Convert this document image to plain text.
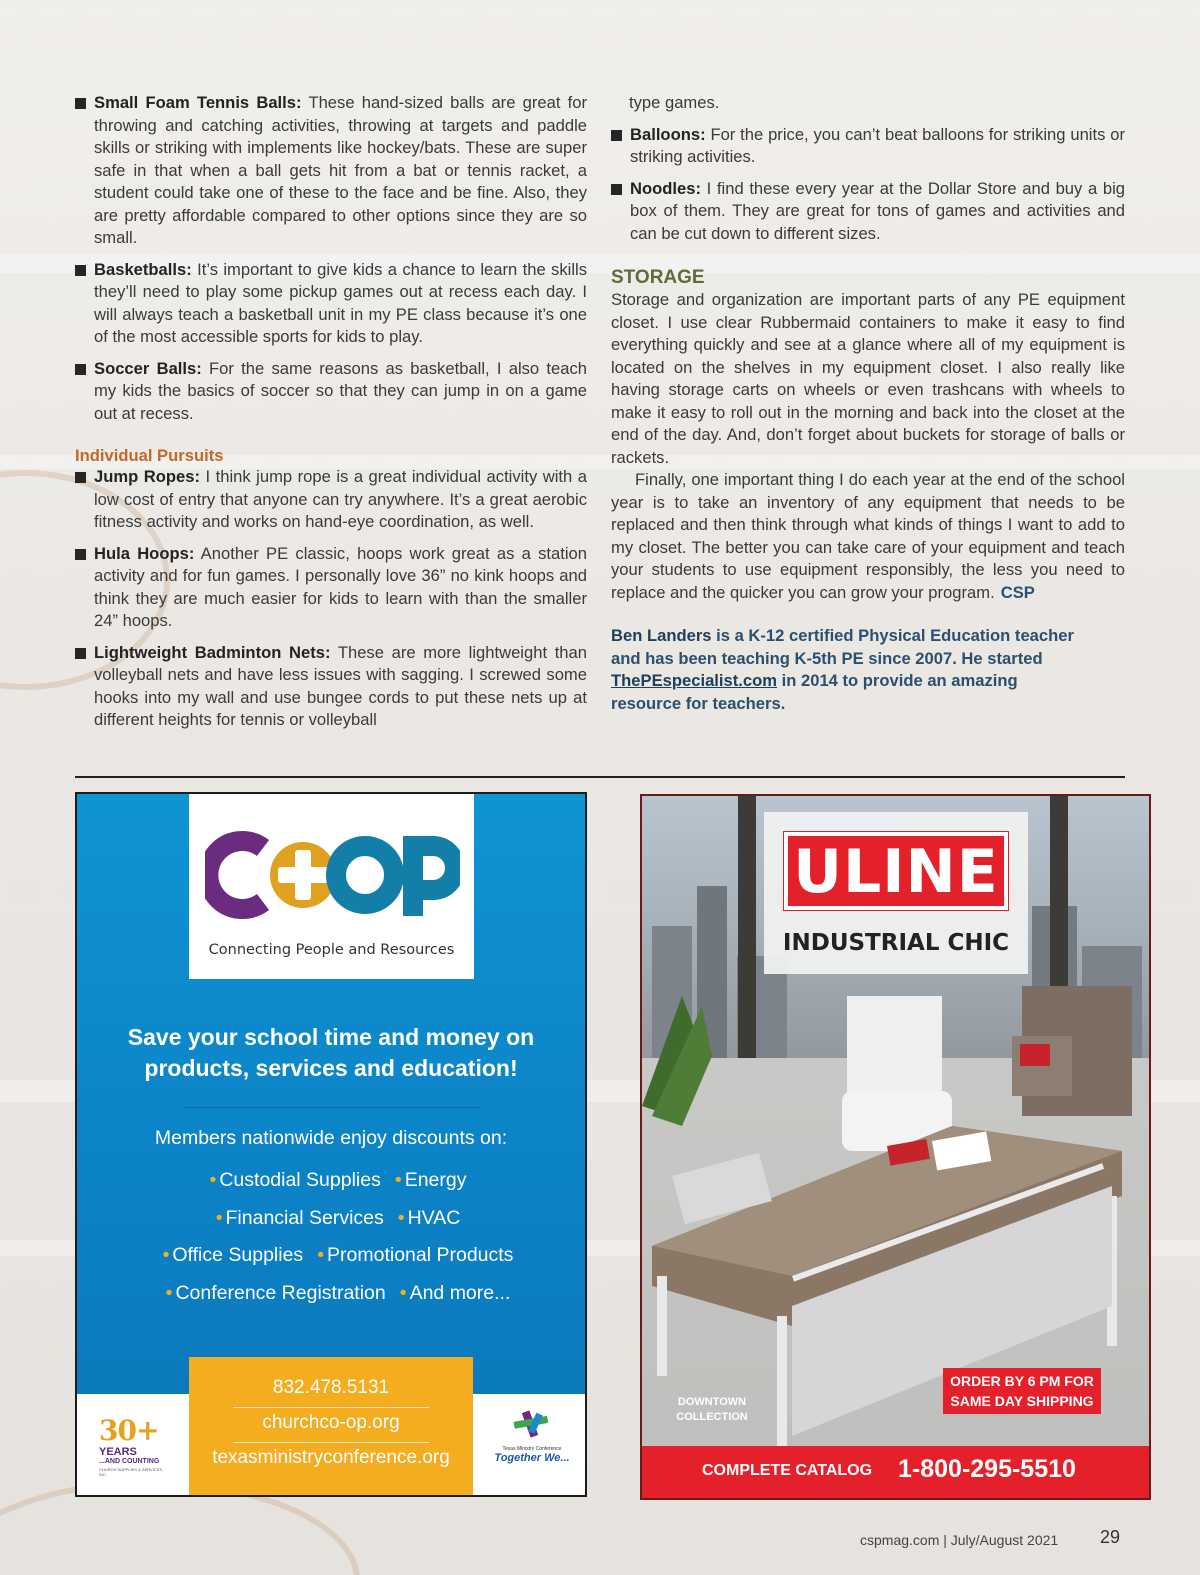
Small Foam Tennis Balls: These hand-sized balls are great for throwing and catching activities, throwing at targets and paddle skills or striking with implements like hockey/bats. These are super safe in that when a ball gets hit from a bat or tennis racket, a student could take one of these to the face and be fine. Also, they are pretty affordable compared to other options since they are so small.
Basketballs: It’s important to give kids a chance to learn the skills they’ll need to play some pickup games out at recess each day. I will always teach a basketball unit in my PE class because it’s one of the most accessible sports for kids to play.
Soccer Balls: For the same reasons as basketball, I also teach my kids the basics of soccer so that they can jump in on a game out at recess.
Individual Pursuits
Jump Ropes: I think jump rope is a great individual activity with a low cost of entry that anyone can try anywhere. It’s a great aerobic fitness activity and works on hand-eye coordination, as well.
Hula Hoops: Another PE classic, hoops work great as a station activity and for fun games. I personally love 36” no kink hoops and think they are much easier for kids to learn with than the smaller 24” hoops.
Lightweight Badminton Nets: These are more lightweight than volleyball nets and have less issues with sagging. I screwed some hooks into my wall and use bungee cords to put these nets up at different heights for tennis or volleyball
type games.
Balloons: For the price, you can’t beat balloons for striking units or striking activities.
Noodles: I find these every year at the Dollar Store and buy a big box of them. They are great for tons of games and activities and can be cut down to different sizes.
STORAGE
Storage and organization are important parts of any PE equipment closet. I use clear Rubbermaid containers to make it easy to find everything quickly and see at a glance where all of my equipment is located on the shelves in my equipment closet. I also really like having storage carts on wheels or even trashcans with wheels to make it easy to roll out in the morning and back into the closet at the end of the day. And, don’t forget about buckets for storage of balls or rackets.
Finally, one important thing I do each year at the end of the school year is to take an inventory of any equipment that needs to be replaced and then think through what kinds of things I want to add to my closet. The better you can take care of your equipment and teach your students to use equipment responsibly, the less you need to replace and the quicker you can grow your program. CSP
Ben Landers is a K-12 certified Physical Education teacher and has been teaching K-5th PE since 2007. He started ThePEspecialist.com in 2014 to provide an amazing resource for teachers.
Connecting People and Resources
Save your school time and money on products, services and education!
Members nationwide enjoy discounts on:
• Custodial Supplies • Energy
• Financial Services • HVAC
• Office Supplies • Promotional Products
• Conference Registration • And more...
30+
YEARS
...AND COUNTING
CHURCH SUPPLIES & SERVICES, INC.
832.478.5131
churchco-op.org
texasministryconference.org	Texas Ministry Conference
Together We...
ULINE
INDUSTRIAL CHIC
DOWNTOWN COLLECTION
ORDER BY 6 PM FOR SAME DAY SHIPPING
COMPLETE CATALOG 1-800-295-5510
cspmag.com | July/August 2021 29
